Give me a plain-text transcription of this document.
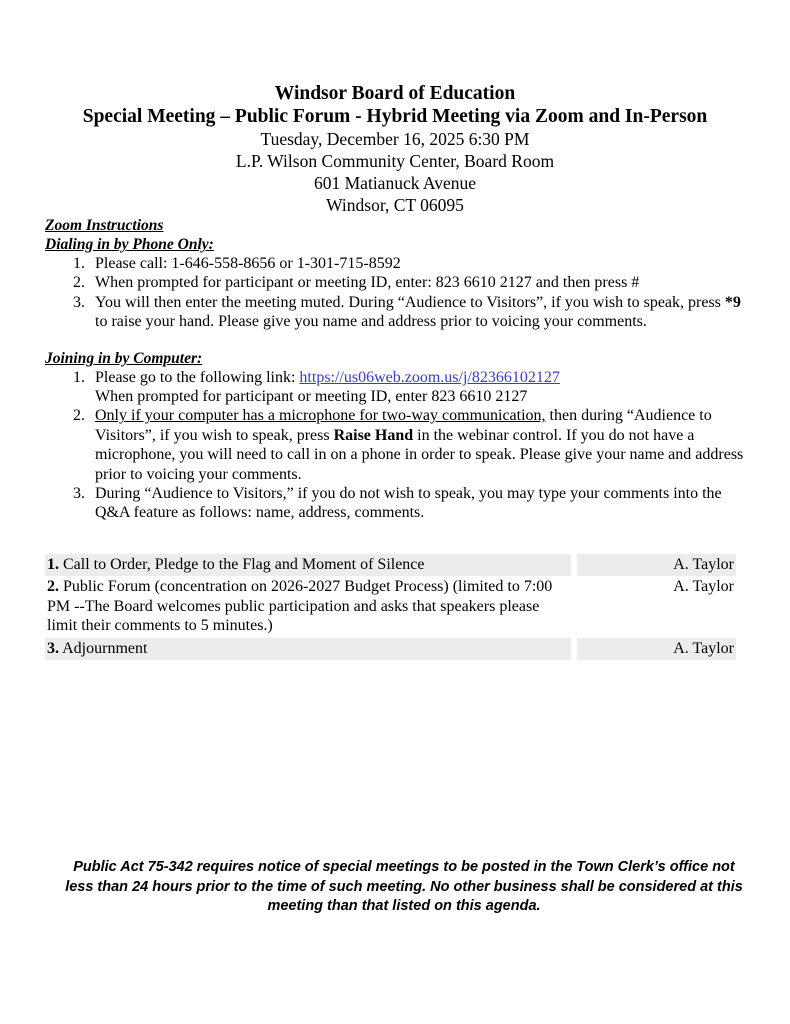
Windsor Board of Education
Special Meeting – Public Forum - Hybrid Meeting via Zoom and In-Person
Tuesday, December 16, 2025 6:30 PM
L.P. Wilson Community Center, Board Room
601 Matianuck Avenue
Windsor, CT 06095
Zoom Instructions
Dialing in by Phone Only:
1. Please call: 1-646-558-8656 or 1-301-715-8592
2. When prompted for participant or meeting ID, enter: 823 6610 2127 and then press #
3. You will then enter the meeting muted. During “Audience to Visitors”, if you wish to speak, press *9 to raise your hand. Please give you name and address prior to voicing your comments.
Joining in by Computer:
1. Please go to the following link: https://us06web.zoom.us/j/82366102127
When prompted for participant or meeting ID, enter 823 6610 2127
2. Only if your computer has a microphone for two-way communication, then during “Audience to Visitors”, if you wish to speak, press Raise Hand in the webinar control. If you do not have a microphone, you will need to call in on a phone in order to speak. Please give your name and address prior to voicing your comments.
3. During “Audience to Visitors,” if you do not wish to speak, you may type your comments into the Q&A feature as follows: name, address, comments.
1. Call to Order, Pledge to the Flag and Moment of Silence	A. Taylor
2. Public Forum (concentration on 2026-2027 Budget Process) (limited to 7:00 PM --The Board welcomes public participation and asks that speakers please limit their comments to 5 minutes.)	A. Taylor
3. Adjournment	A. Taylor
Public Act 75-342 requires notice of special meetings to be posted in the Town Clerk’s office not less than 24 hours prior to the time of such meeting. No other business shall be considered at this meeting than that listed on this agenda.
